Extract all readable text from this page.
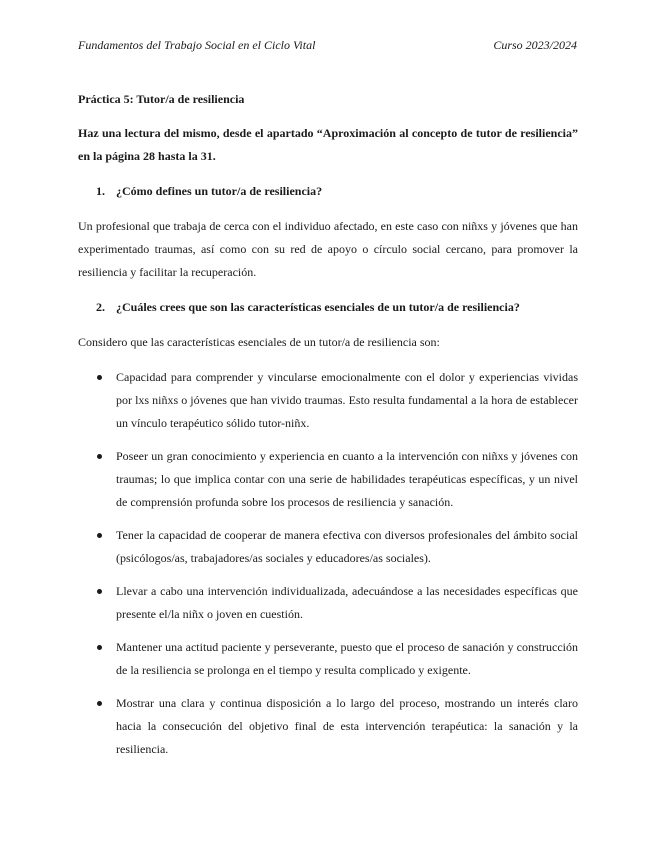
Fundamentos del Trabajo Social en el Ciclo Vital	Curso 2023/2024

Práctica 5: Tutor/a de resiliencia

Haz una lectura del mismo, desde el apartado “Aproximación al concepto de tutor de resiliencia” en la página 28 hasta la 31.

1. ¿Cómo defines un tutor/a de resiliencia?

Un profesional que trabaja de cerca con el individuo afectado, en este caso con niñxs y jóvenes que han experimentado traumas, así como con su red de apoyo o círculo social cercano, para promover la resiliencia y facilitar la recuperación.

2. ¿Cuáles crees que son las características esenciales de un tutor/a de resiliencia?

Considero que las características esenciales de un tutor/a de resiliencia son:

Capacidad para comprender y vincularse emocionalmente con el dolor y experiencias vividas por lxs niñxs o jóvenes que han vivido traumas. Esto resulta fundamental a la hora de establecer un vínculo terapéutico sólido tutor-niñx.
Poseer un gran conocimiento y experiencia en cuanto a la intervención con niñxs y jóvenes con traumas; lo que implica contar con una serie de habilidades terapéuticas específicas, y un nivel de comprensión profunda sobre los procesos de resiliencia y sanación.
Tener la capacidad de cooperar de manera efectiva con diversos profesionales del ámbito social (psicólogos/as, trabajadores/as sociales y educadores/as sociales).
Llevar a cabo una intervención individualizada, adecuándose a las necesidades específicas que presente el/la niñx o joven en cuestión.
Mantener una actitud paciente y perseverante, puesto que el proceso de sanación y construcción de la resiliencia se prolonga en el tiempo y resulta complicado y exigente.
Mostrar una clara y continua disposición a lo largo del proceso, mostrando un interés claro hacia la consecución del objetivo final de esta intervención terapéutica: la sanación y la resiliencia.
